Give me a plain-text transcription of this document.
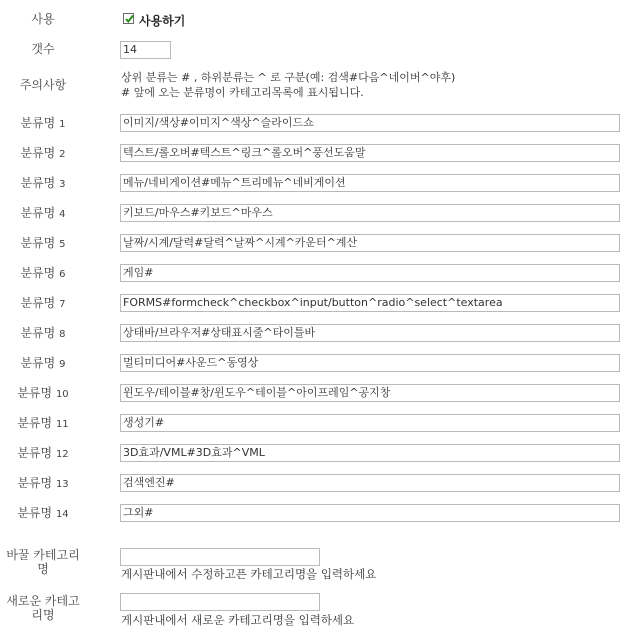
사용	사용하기
갯수	14
주의사항
상위 분류는 # , 하위분류는 ^ 로 구분(예: 검색#다음^네이버^야후)
# 앞에 오는 분류명이 카테고리목록에 표시됩니다.
분류명 1	이미지/색상#이미지^색상^슬라이드쇼
분류명 2	텍스트/롤오버#텍스트^링크^롤오버^풍선도움말
분류명 3	메뉴/네비게이션#메뉴^트리메뉴^네비게이션
분류명 4	키보드/마우스#키보드^마우스
분류명 5	날짜/시계/달력#달력^날짜^시계^카운터^계산
분류명 6	게임#
분류명 7	FORMS#formcheck^checkbox^input/button^radio^select^textarea
분류명 8	상태바/브라우저#상태표시줄^타이틀바
분류명 9	멀티미디어#사운드^동영상
분류명 10	윈도우/테이블#창/윈도우^테이블^아이프레임^공지창
분류명 11	생성기#
분류명 12	3D효과/VML#3D효과^VML
분류명 13	검색엔진#
분류명 14	그외#
바꿀 카테고리
명	게시판내에서 수정하고픈 카테고리명을 입력하세요
새로운 카테고
리명	게시판내에서 새로운 카테고리명을 입력하세요
